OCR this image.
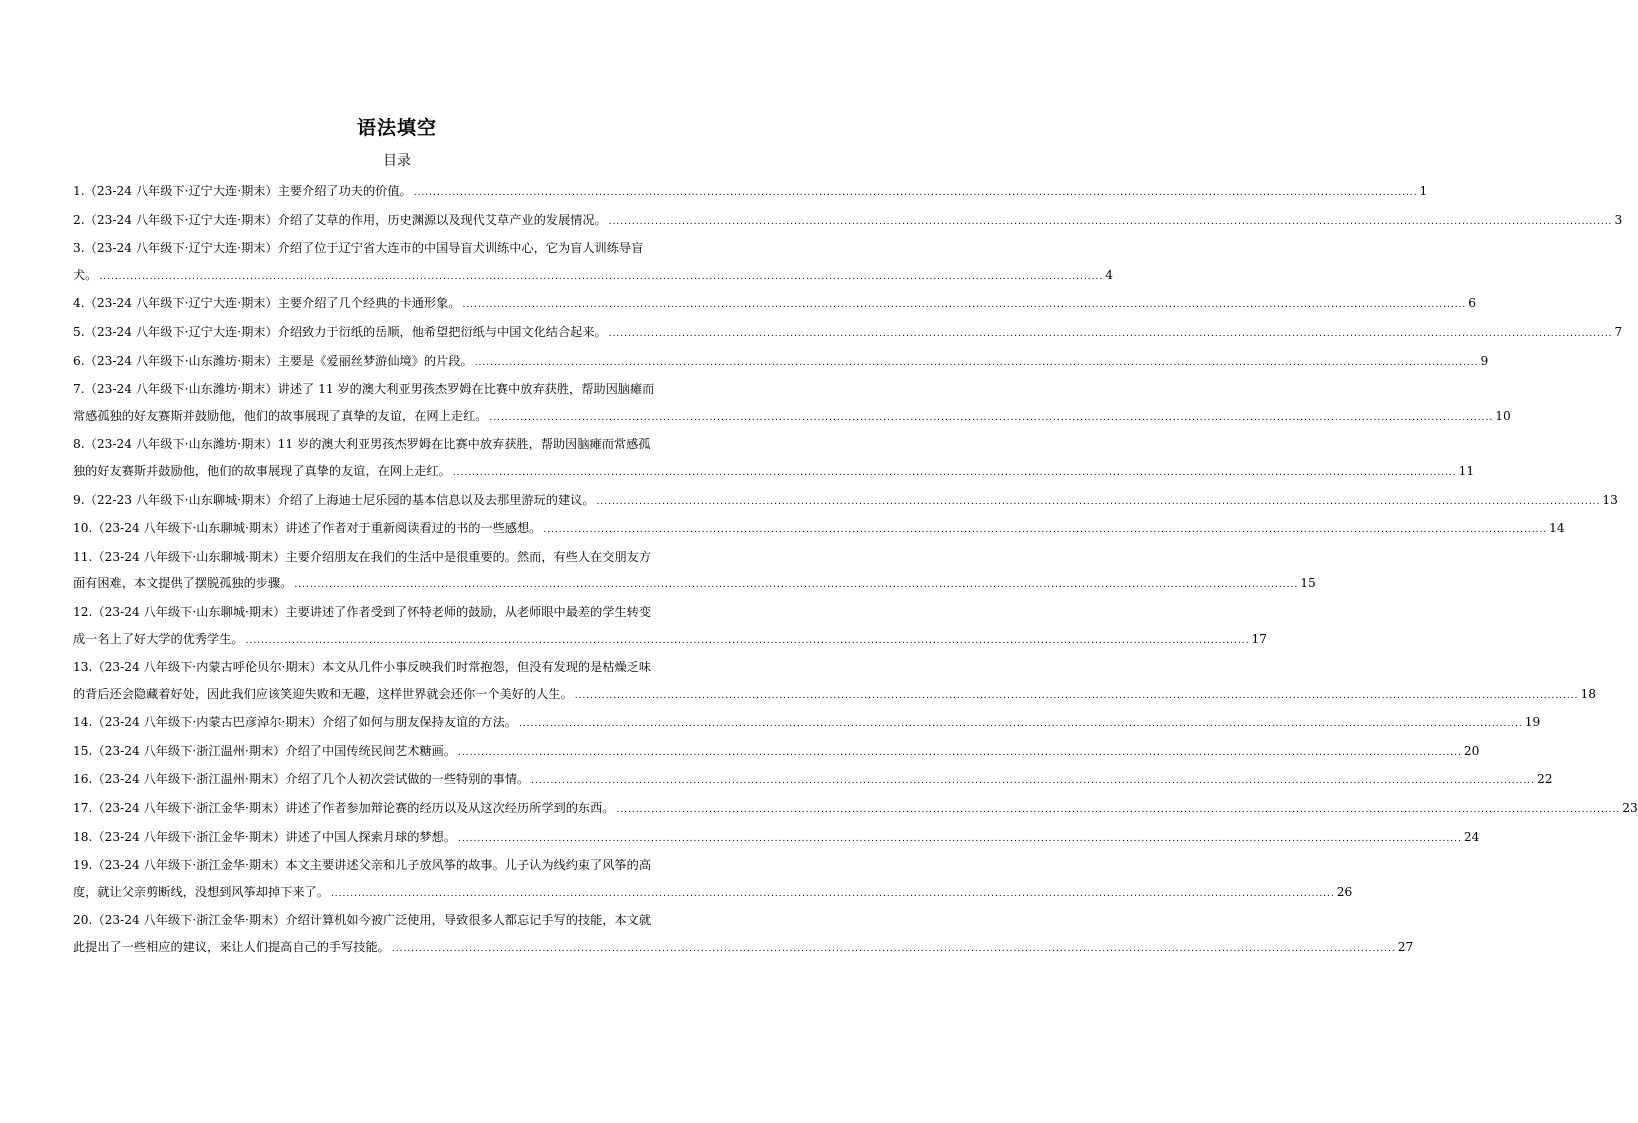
语法填空
目录
1.（23-24 八年级下·辽宁大连·期末）主要介绍了功夫的价值。 .................................................................................................................................................................................................................................................................... 1
2.（23-24 八年级下·辽宁大连·期末）介绍了艾草的作用，历史渊源以及现代艾草产业的发展情况。 .................................................................................................................................................................................................................................................................... 3
3.（23-24 八年级下·辽宁大连·期末）介绍了位于辽宁省大连市的中国导盲犬训练中心，它为盲人训练导盲
犬。 .................................................................................................................................................................................................................................................................... 4
4.（23-24 八年级下·辽宁大连·期末）主要介绍了几个经典的卡通形象。 .................................................................................................................................................................................................................................................................... 6
5.（23-24 八年级下·辽宁大连·期末）介绍致力于衍纸的岳顺，他希望把衍纸与中国文化结合起来。 .................................................................................................................................................................................................................................................................... 7
6.（23-24 八年级下·山东潍坊·期末）主要是《爱丽丝梦游仙境》的片段。 .................................................................................................................................................................................................................................................................... 9
7.（23-24 八年级下·山东潍坊·期末）讲述了 11 岁的澳大利亚男孩杰罗姆在比赛中放弃获胜，帮助因脑瘫而
常感孤独的好友赛斯并鼓励他，他们的故事展现了真挚的友谊，在网上走红。 .................................................................................................................................................................................................................................................................... 10
8.（23-24 八年级下·山东潍坊·期末）11 岁的澳大利亚男孩杰罗姆在比赛中放弃获胜，帮助因脑瘫而常感孤
独的好友赛斯并鼓励他，他们的故事展现了真挚的友谊，在网上走红。 .................................................................................................................................................................................................................................................................... 11
9.（22-23 八年级下·山东聊城·期末）介绍了上海迪士尼乐园的基本信息以及去那里游玩的建议。 .................................................................................................................................................................................................................................................................... 13
10.（23-24 八年级下·山东聊城·期末）讲述了作者对于重新阅读看过的书的一些感想。 .................................................................................................................................................................................................................................................................... 14
11.（23-24 八年级下·山东聊城·期末）主要介绍朋友在我们的生活中是很重要的。然而，有些人在交朋友方
面有困难，本文提供了摆脱孤独的步骤。 .................................................................................................................................................................................................................................................................... 15
12.（23-24 八年级下·山东聊城·期末）主要讲述了作者受到了怀特老师的鼓励，从老师眼中最差的学生转变
成一名上了好大学的优秀学生。 .................................................................................................................................................................................................................................................................... 17
13.（23-24 八年级下·内蒙古呼伦贝尔·期末）本文从几件小事反映我们时常抱怨，但没有发现的是枯燥乏味
的背后还会隐藏着好处，因此我们应该笑迎失败和无趣，这样世界就会还你一个美好的人生。 .................................................................................................................................................................................................................................................................... 18
14.（23-24 八年级下·内蒙古巴彦淖尔·期末）介绍了如何与朋友保持友谊的方法。 .................................................................................................................................................................................................................................................................... 19
15.（23-24 八年级下·浙江温州·期末）介绍了中国传统民间艺术糖画。 .................................................................................................................................................................................................................................................................... 20
16.（23-24 八年级下·浙江温州·期末）介绍了几个人初次尝试做的一些特别的事情。 .................................................................................................................................................................................................................................................................... 22
17.（23-24 八年级下·浙江金华·期末）讲述了作者参加辩论赛的经历以及从这次经历所学到的东西。 .................................................................................................................................................................................................................................................................... 23
18.（23-24 八年级下·浙江金华·期末）讲述了中国人探索月球的梦想。 .................................................................................................................................................................................................................................................................... 24
19.（23-24 八年级下·浙江金华·期末）本文主要讲述父亲和儿子放风筝的故事。儿子认为线约束了风筝的高
度，就让父亲剪断线，没想到风筝却掉下来了。 .................................................................................................................................................................................................................................................................... 26
20.（23-24 八年级下·浙江金华·期末）介绍计算机如今被广泛使用，导致很多人都忘记手写的技能，本文就
此提出了一些相应的建议，来让人们提高自己的手写技能。 .................................................................................................................................................................................................................................................................... 27
